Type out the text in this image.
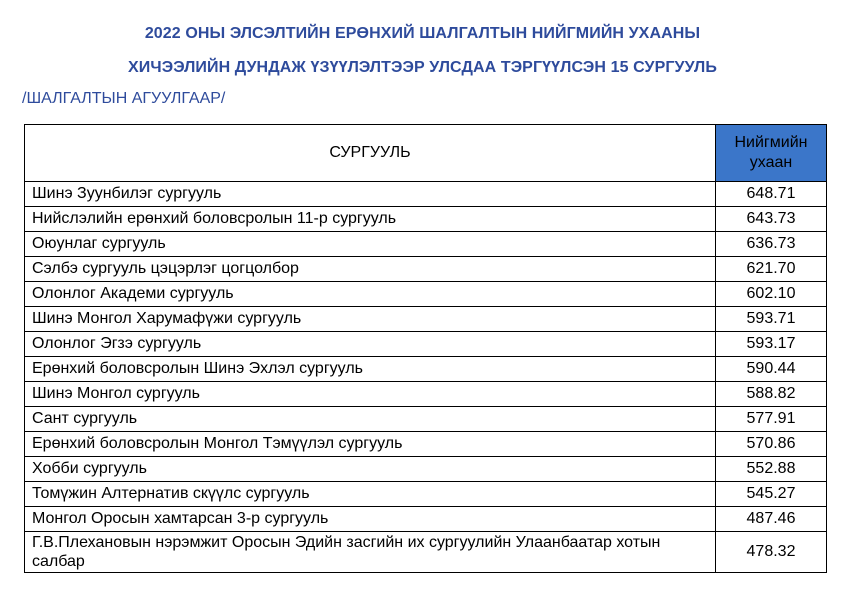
2022 ОНЫ ЭЛСЭЛТИЙН ЕРӨНХИЙ ШАЛГАЛТЫН НИЙГМИЙН УХААНЫ
ХИЧЭЭЛИЙН ДУНДАЖ ҮЗҮҮЛЭЛТЭЭР УЛСДАА ТЭРГҮҮЛСЭН 15 СУРГУУЛЬ
/ШАЛГАЛТЫН АГУУЛГААР/
СУРГУУЛЬ	Нийгмийн ухаан
Шинэ Зуунбилэг сургууль	648.71
Нийслэлийн ерөнхий боловсролын 11-р сургууль	643.73
Оюунлаг сургууль	636.73
Сэлбэ сургууль цэцэрлэг цогцолбор	621.70
Олонлог Академи сургууль	602.10
Шинэ Монгол Харумафүжи сургууль	593.71
Олонлог Эгзэ сургууль	593.17
Ерөнхий боловсролын Шинэ Эхлэл сургууль	590.44
Шинэ Монгол сургууль	588.82
Сант сургууль	577.91
Ерөнхий боловсролын Монгол Тэмүүлэл сургууль	570.86
Хобби сургууль	552.88
Томүжин Алтернатив скүүлс сургууль	545.27
Монгол Оросын хамтарсан 3-р сургууль	487.46
Г.В.Плехановын нэрэмжит Оросын Эдийн засгийн их сургуулийн Улаанбаатар хотын салбар	478.32
